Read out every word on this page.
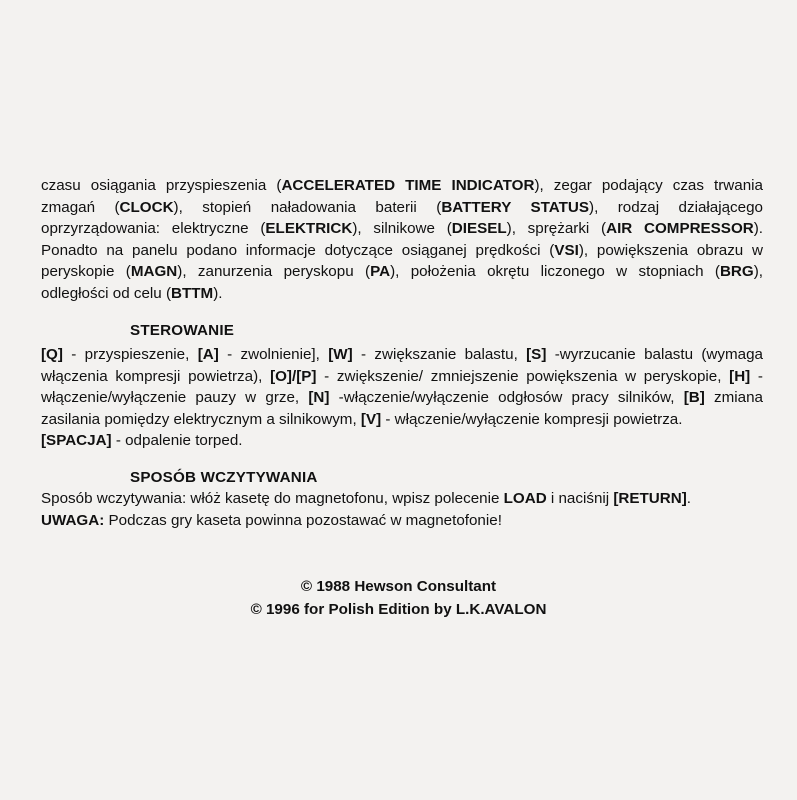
czasu osiągania przyspieszenia (ACCELERATED TIME INDICATOR), zegar podający czas trwania zmagań (CLOCK), stopień naładowania baterii (BATTERY STATUS), rodzaj działającego oprzyrządowania: elektryczne (ELEKTRICK), silnikowe (DIESEL), sprężarki (AIR COMPRESSOR). Ponadto na panelu podano informacje dotyczące osiąganej prędkości (VSI), powiększenia obrazu w peryskopie (MAGN), zanurzenia peryskopu (PA), położenia okrętu liczonego w stopniach (BRG), odległości od celu (BTTM).

STEROWANIE

[Q] - przyspieszenie, [A] - zwolnienie], [W] - zwiększanie balastu, [S] -wyrzucanie balastu (wymaga włączenia kompresji powietrza), [O]/[P] - zwiększenie/ zmniejszenie powiększenia w peryskopie, [H] - włączenie/wyłączenie pauzy w grze, [N] -włączenie/wyłączenie odgłosów pracy silników, [B] zmiana zasilania pomiędzy elektrycznym a silnikowym, [V] - włączenie/wyłączenie kompresji powietrza.
[SPACJA] - odpalenie torped.

SPOSÓB WCZYTYWANIA

Sposób wczytywania: włóż kasetę do magnetofonu, wpisz polecenie LOAD i naciśnij [RETURN].

UWAGA: Podczas gry kaseta powinna pozostawać w magnetofonie!

© 1988 Hewson Consultant
© 1996 for Polish Edition by L.K.AVALON
